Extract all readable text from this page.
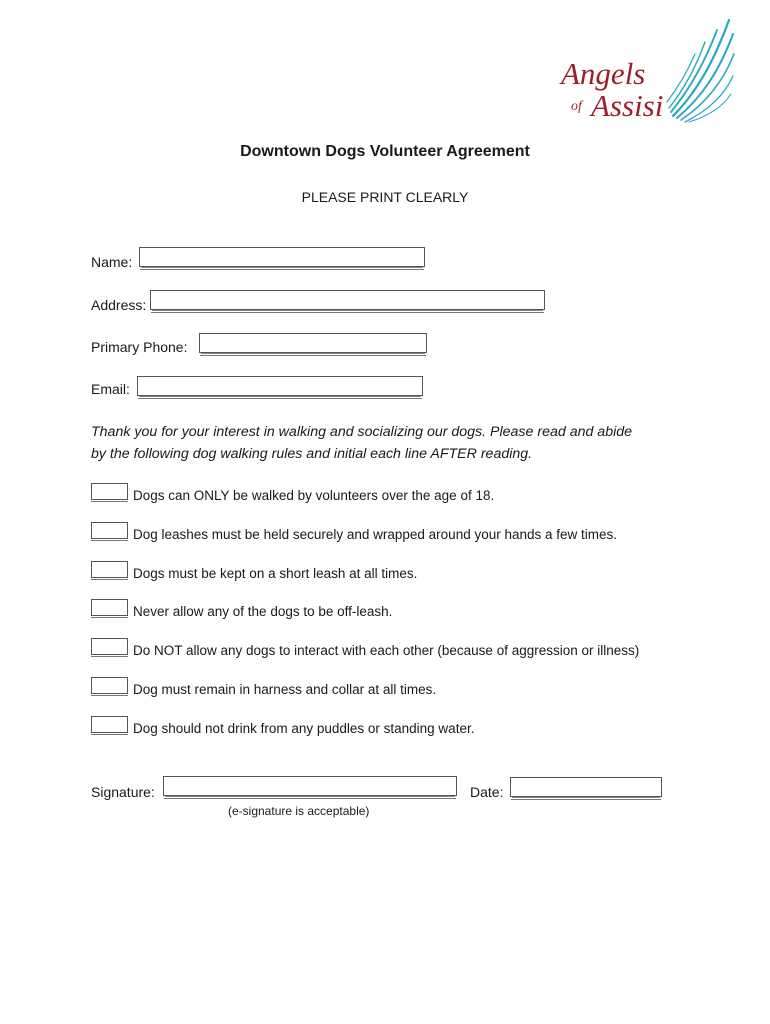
Angels
of Assisi
Downtown Dogs Volunteer Agreement
PLEASE PRINT CLEARLY
Name:
Address:
Primary Phone:
Email:
Thank you for your interest in walking and socializing our dogs. Please read and abide
by the following dog walking rules and initial each line AFTER reading.
Dogs can ONLY be walked by volunteers over the age of 18.
Dog leashes must be held securely and wrapped around your hands a few times.
Dogs must be kept on a short leash at all times.
Never allow any of the dogs to be off-leash.
Do NOT allow any dogs to interact with each other (because of aggression or illness)
Dog must remain in harness and collar at all times.
Dog should not drink from any puddles or standing water.
Signature:
(e-signature is acceptable)
Date:
